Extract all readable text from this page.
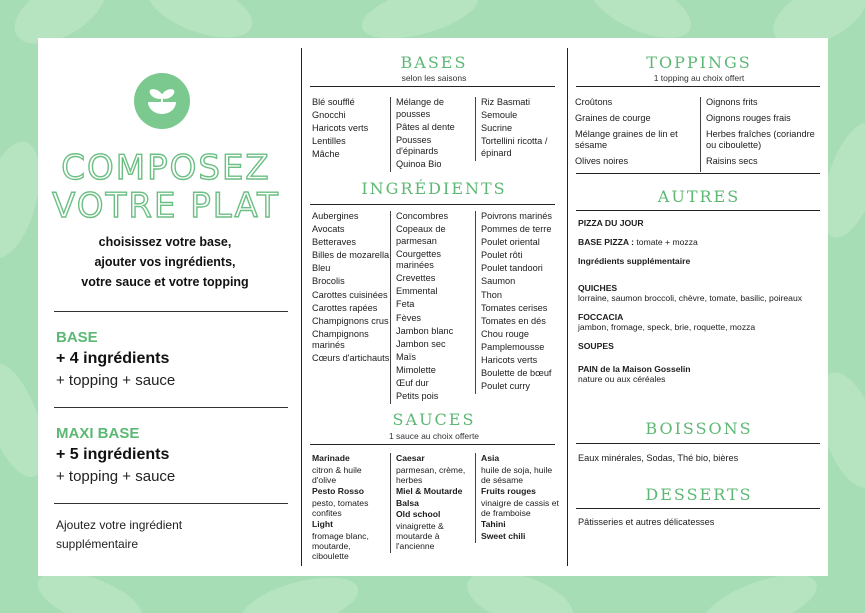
COMPOSEZ
VOTRE PLAT
choisissez votre base,
ajouter vos ingrédients,
votre sauce et votre topping
BASE
+ 4 ingrédients
+ topping + sauce
MAXI BASE
+ 5 ingrédients
+ topping + sauce
Ajoutez votre ingrédient
supplémentaire
BASES
selon les saisons
Blé soufflé
Gnocchi
Haricots verts
Lentilles
Mâche
Mélange de pousses
Pâtes al dente
Pousses d'épinards
Quinoa Bio
Riz Basmati
Semoule
Sucrine
Tortellini ricotta / épinard
INGRÉDIENTS
Aubergines
Avocats
Betteraves
Billes de mozarella
Bleu
Brocolis
Carottes cuisinées
Carottes rapées
Champignons crus
Champignons marinés
Cœurs d'artichauts
Concombres
Copeaux de parmesan
Courgettes marinées
Crevettes
Emmental
Feta
Fèves
Jambon blanc
Jambon sec
Maïs
Mimolette
Œuf dur
Petits pois
Poivrons marinés
Pommes de terre
Poulet oriental
Poulet rôti
Poulet tandoori
Saumon
Thon
Tomates cerises
Tomates en dés
Chou rouge
Pamplemousse
Haricots verts
Boulette de bœuf
Poulet curry
SAUCES
1 sauce au choix offerte
Marinade
citron & huile d'olive
Pesto Rosso
pesto, tomates confites
Light
fromage blanc, moutarde, ciboulette
Caesar
parmesan, crème, herbes
Miel & Moutarde
Balsa
Old school
vinaigrette & moutarde à l'ancienne
Asia
huile de soja, huile de sésame
Fruits rouges
vinaigre de cassis et de framboise
Tahini
Sweet chili
TOPPINGS
1 topping au choix offert
Croûtons
Graines de courge
Mélange graines de lin et sésame
Olives noires
Oignons frits
Oignons rouges frais
Herbes fraîches (coriandre ou ciboulette)
Raisins secs
AUTRES
PIZZA DU JOUR
BASE PIZZA : tomate + mozza
Ingrédients supplémentaire
QUICHES
lorraine, saumon broccoli, chèvre, tomate, basilic, poireaux
FOCCACIA
jambon, fromage, speck, brie, roquette, mozza
SOUPES
PAIN de la Maison Gosselin
nature ou aux céréales
BOISSONS
Eaux minérales, Sodas, Thé bio, bières
DESSERTS
Pâtisseries et autres délicatesses
